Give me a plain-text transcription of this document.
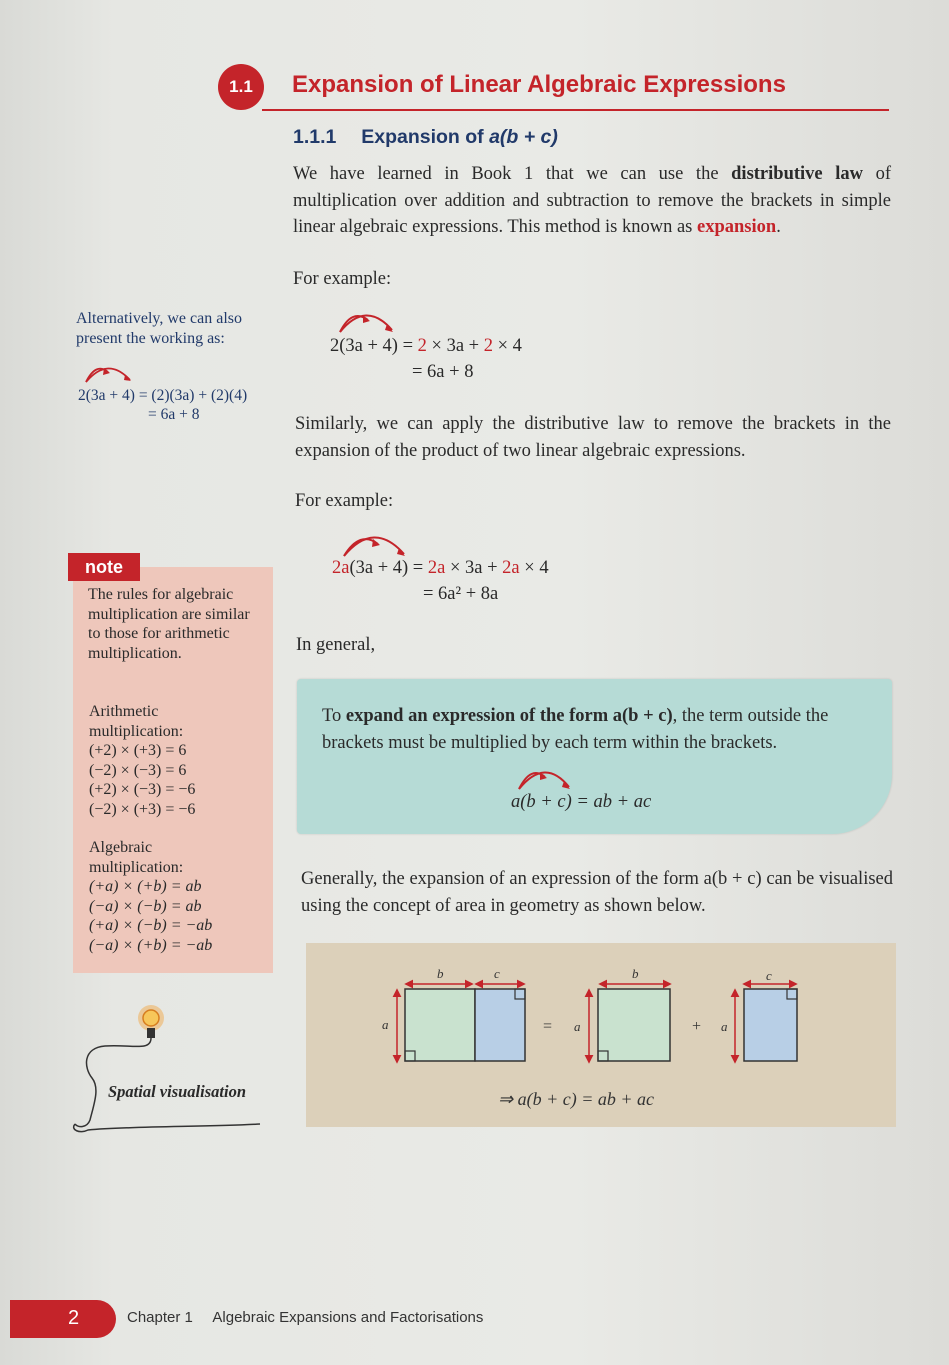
1.1 Expansion of Linear Algebraic Expressions
1.1.1 Expansion of a(b + c)
We have learned in Book 1 that we can use the distributive law of multiplication over addition and subtraction to remove the brackets in simple linear algebraic expressions. This method is known as expansion.
For example:
2(3a + 4) = 2 × 3a + 2 × 4
= 6a + 8
Similarly, we can apply the distributive law to remove the brackets in the expansion of the product of two linear algebraic expressions.
For example:
2a(3a + 4) = 2a × 3a + 2a × 4
= 6a² + 8a
In general,
To expand an expression of the form a(b + c), the term outside the brackets must be multiplied by each term within the brackets.
a(b + c) = ab + ac
Generally, the expansion of an expression of the form a(b + c) can be visualised using the concept of area in geometry as shown below.
b	c
a
b
a
c
a
=	+
⇒ a(b + c) = ab + ac
Alternatively, we can also present the working as:
2(3a + 4) = (2)(3a) + (2)(4)
= 6a + 8
The rules for algebraic multiplication are similar to those for arithmetic multiplication.
Arithmetic multiplication:
(+2) × (+3) = 6
(−2) × (−3) = 6
(+2) × (−3) = −6
(−2) × (+3) = −6
Algebraic multiplication:
(+a) × (+b) = ab
(−a) × (−b) = ab
(+a) × (−b) = −ab
(−a) × (+b) = −ab
note
Spatial visualisation
2	Chapter 1 Algebraic Expansions and Factorisations
